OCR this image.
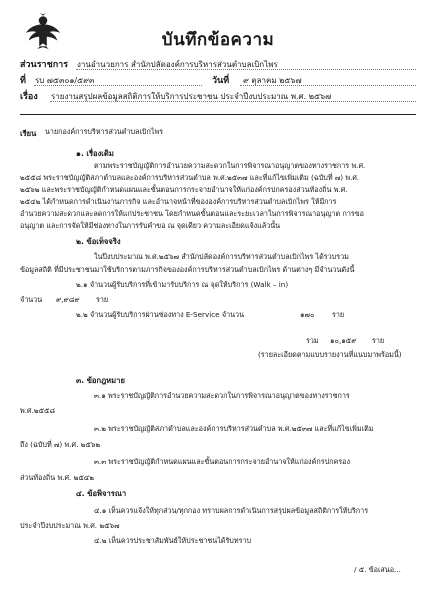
บันทึกข้อความ
ส่วนราชการ งานอำนวยการ สำนักปลัดองค์การบริหารส่วนตำบลเบิกไพร
ที่ รบ ๗๕๓๐๑/๕๙๓	วันที่ ๙ ตุลาคม ๒๕๖๗
เรื่อง รายงานสรุปผลข้อมูลสถิติการให้บริการประชาชน ประจำปีงบประมาณ พ.ศ. ๒๕๖๗
เรียน นายกองค์การบริหารส่วนตำบลเบิกไพร
๑. เรื่องเดิม
ตามพระราชบัญญัติการอำนวยความสะดวกในการพิจารณาอนุญาตของทางราชการ พ.ศ.
๒๕๕๘ พระราชบัญญัติสภาตำบลและองค์การบริหารส่วนตำบล พ.ศ.๒๕๓๗ และที่แก้ไขเพิ่มเติม (ฉบับที่ ๗) พ.ศ.
๒๕๖๒ และพระราชบัญญัติกำหนดแผนและขั้นตอนการกระจายอำนาจให้แก่องค์กรปกครองส่วนท้องถิ่น พ.ศ.
๒๕๔๒ ได้กำหนดการดำเนินงานภารกิจ และอำนาจหน้าที่ขององค์การบริหารส่วนตำบลเบิกไพร ให้มีการ
อำนวยความสะดวกและลดการให้แก่ประชาชน โดยกำหนดขั้นตอนและระยะเวลาในการพิจารณาอนุญาต การขอ
อนุญาต และการจัดให้มีช่องทางในการรับคำขอ ณ จุดเดียว ความละเอียดแจ้งแล้วนั้น
๒. ข้อเท็จจริง
ในปีงบประมาณ พ.ศ.๒๕๖๗ สำนักปลัดองค์การบริหารส่วนตำบลเบิกไพร ได้รวบรวม
ข้อมูลสถิติ ที่มีประชาชนมาใช้บริการตามภารกิจขององค์การบริหารส่วนตำบลเบิกไพร ด้านต่างๆ มีจำนวนดังนี้
๒.๑ จำนวนผู้รับบริการที่เข้ามารับบริการ ณ จุดให้บริการ (Walk – in)
จำนวน ๙,๙๘๙ ราย
๒.๒ จำนวนผู้รับบริการผ่านช่องทาง E-Service จำนวน	๑๗๐ ราย
รวม ๑๐,๑๕๙ ราย
(รายละเอียดตามแบบรายงานที่แนบมาพร้อมนี้)
๓. ข้อกฎหมาย
๓.๑ พระราชบัญญัติการอำนวยความสะดวกในการพิจารณาอนุญาตของทางราชการ
พ.ศ.๒๕๕๘
๓.๒ พระราชบัญญัติสภาตำบลและองค์การบริหารส่วนตำบล พ.ศ.๒๕๓๗ และที่แก้ไขเพิ่มเติม
ถึง (ฉบับที่ ๗) พ.ศ. ๒๕๖๒
๓.๓ พระราชบัญญัติกำหนดแผนและขั้นตอนการกระจายอำนาจให้แก่องค์กรปกครอง
ส่วนท้องถิ่น พ.ศ. ๒๕๔๒
๔. ข้อพิจารณา
๔.๑ เห็นควรแจ้งให้ทุกส่วน/ทุกกอง ทราบผลการดำเนินการสรุปผลข้อมูลสถิติการให้บริการ
ประจำปีงบประมาณ พ.ศ. ๒๕๖๗
๔.๒ เห็นควรประชาสัมพันธ์ให้ประชาชนได้รับทราบ
/ ๕. ข้อเสนอ...
